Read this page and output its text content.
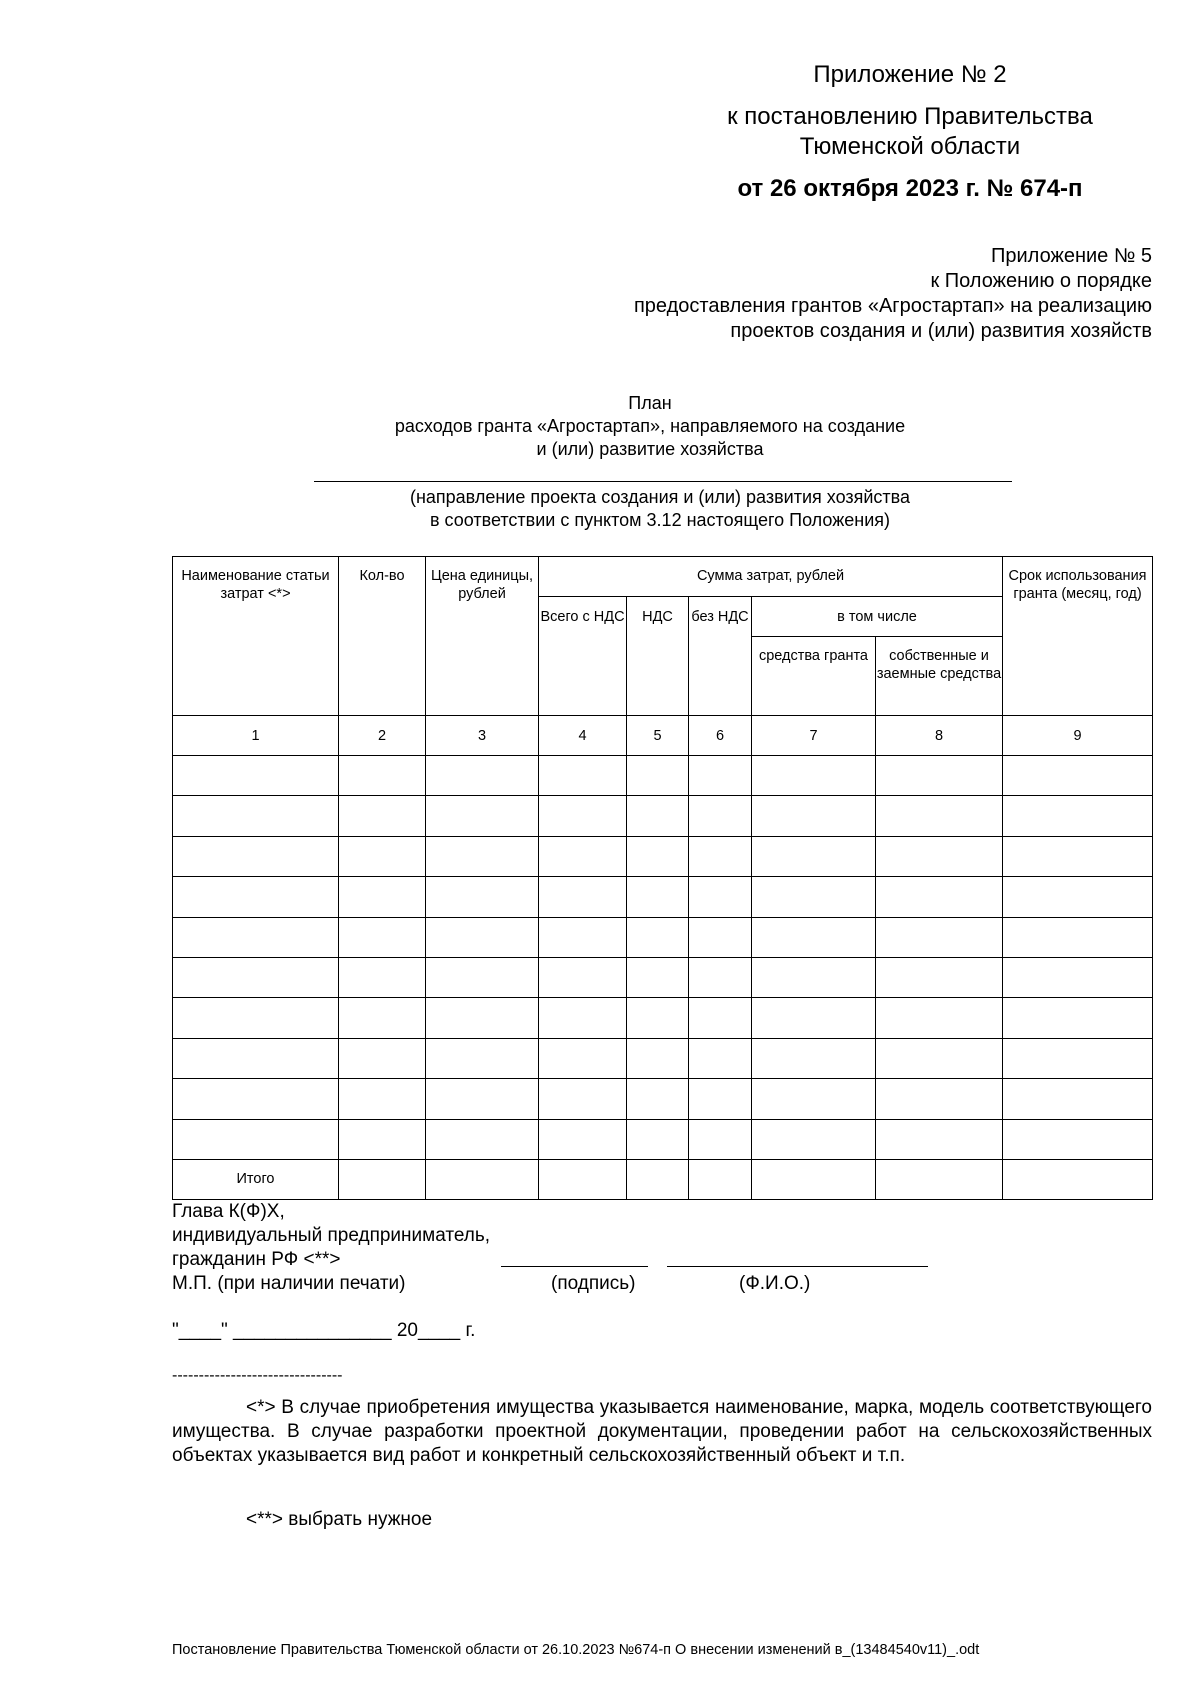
Приложение № 2
к постановлению Правительства
Тюменской области
от 26 октября 2023 г. № 674-п
Приложение № 5
к Положению о порядке
предоставления грантов «Агростартап» на реализацию
проектов создания и (или) развития хозяйств
План
расходов гранта «Агростартап», направляемого на создание
и (или) развитие хозяйства
(направление проекта создания и (или) развития хозяйства
в соответствии с пунктом 3.12 настоящего Положения)
Наименование статьи затрат <*>	Кол-во	Цена единицы, рублей	Сумма затрат, рублей					Срок использования гранта (месяц, год)
			Всего с НДС	НДС	без НДС	в том числе		
						средства гранта	собственные и заемные средства	
1	2	3	4	5	6	7	8	9

Итого								
Глава К(Ф)Х,
индивидуальный предприниматель,
гражданин РФ <**>
М.П. (при наличии печати)	(подпись)	(Ф.И.О.)
"____" _______________ 20____ г.
--------------------------------
<*> В случае приобретения имущества указывается наименование, марка, модель соответствующего имущества. В случае разработки проектной документации, проведении работ на сельскохозяйственных объектах указывается вид работ и конкретный сельскохозяйственный объект и т.п.
<**> выбрать нужное
Постановление Правительства Тюменской области от 26.10.2023 №674-п О внесении изменений в_(13484540v11)_.odt
